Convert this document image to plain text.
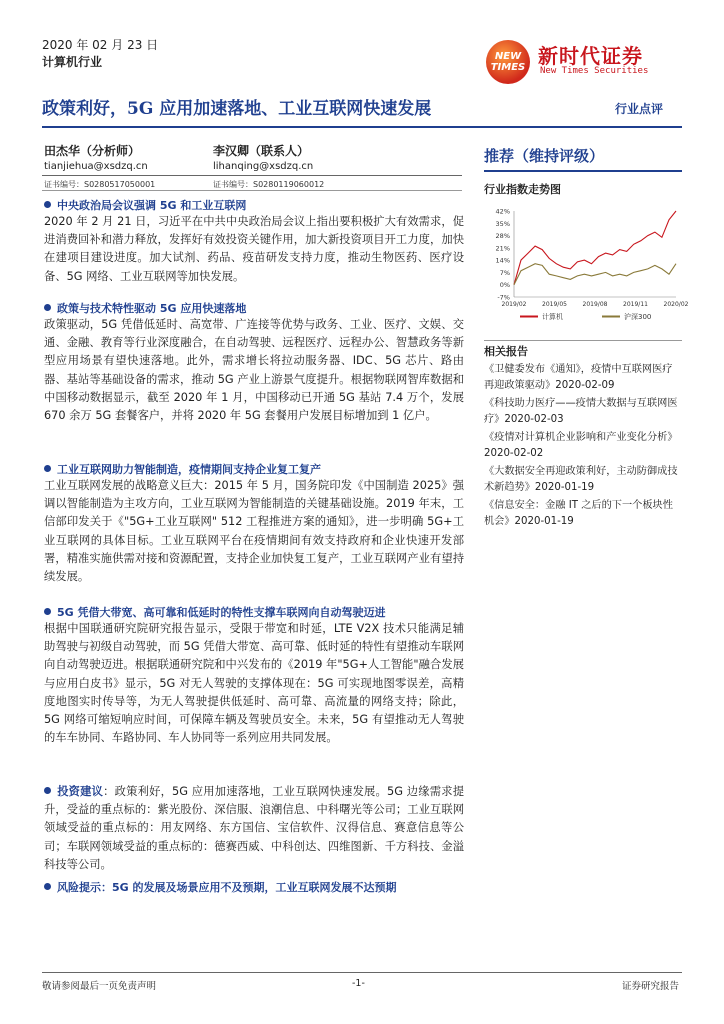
2020 年 02 月 23 日
计算机行业	NEW
TIMES 新时代证券
New Times Securities
政策利好，5G 应用加速落地、工业互联网快速发展	行业点评
田杰华（分析师）
tianjiehua@xsdzq.cn
证书编号：S0280517050001
李汉卿（联系人）
lihanqing@xsdzq.cn
证书编号：S0280119060012
中央政治局会议强调 5G 和工业互联网
2020 年 2 月 21 日，习近平在中共中央政治局会议上指出要积极扩大有效需求，促进消费回补和潜力释放，发挥好有效投资关键作用，加大新投资项目开工力度，加快在建项目建设进度。加大试剂、药品、疫苗研发支持力度，推动生物医药、医疗设备、5G 网络、工业互联网等加快发展。
政策与技术特性驱动 5G 应用快速落地
政策驱动，5G 凭借低延时、高宽带、广连接等优势与政务、工业、医疗、文娱、交通、金融、教育等行业深度融合，在自动驾驶、远程医疗、远程办公、智慧政务等新型应用场景有望快速落地。此外，需求增长将拉动服务器、IDC、5G 芯片、路由器、基站等基础设备的需求，推动 5G 产业上游景气度提升。根据物联网智库数据和中国移动数据显示，截至 2020 年 1 月，中国移动已开通 5G 基站 7.4 万个，发展 670 余万 5G 套餐客户，并将 2020 年 5G 套餐用户发展目标增加到 1 亿户。
工业互联网助力智能制造，疫情期间支持企业复工复产
工业互联网发展的战略意义巨大：2015 年 5 月，国务院印发《中国制造 2025》强调以智能制造为主攻方向，工业互联网为智能制造的关键基础设施。2019 年末，工信部印发关于《"5G+工业互联网" 512 工程推进方案的通知》，进一步明确 5G+工业互联网的具体目标。工业互联网平台在疫情期间有效支持政府和企业快速开发部署，精准实施供需对接和资源配置，支持企业加快复工复产，工业互联网产业有望持续发展。
5G 凭借大带宽、高可靠和低延时的特性支撑车联网向自动驾驶迈进
根据中国联通研究院研究报告显示，受限于带宽和时延，LTE V2X 技术只能满足辅助驾驶与初级自动驾驶，而 5G 凭借大带宽、高可靠、低时延的特性有望推动车联网向自动驾驶迈进。根据联通研究院和中兴发布的《2019 年"5G+人工智能"融合发展与应用白皮书》显示，5G 对无人驾驶的支撑体现在：5G 可实现地图零误差，高精度地图实时传导等，为无人驾驶提供低延时、高可靠、高流量的网络支持；除此，5G 网络可缩短响应时间，可保障车辆及驾驶员安全。未来，5G 有望推动无人驾驶的车车协同、车路协同、车人协同等一系列应用共同发展。
投资建议：政策利好，5G 应用加速落地，工业互联网快速发展。5G 边缘需求提升，受益的重点标的：紫光股份、深信服、浪潮信息、中科曙光等公司；工业互联网领域受益的重点标的：用友网络、东方国信、宝信软件、汉得信息、赛意信息等公司；车联网领域受益的重点标的：德赛西威、中科创达、四维图新、千方科技、金溢科技等公司。
风险提示：5G 的发展及场景应用不及预期，工业互联网发展不达预期
推荐（维持评级）
行业指数走势图
42%
35%
28%
21%
14%
7%
0%
-7%
2019/02	2019/05	2019/08	2019/11	2020/02
计算机	沪深300
相关报告
《卫健委发布《通知》，疫情中互联网医疗再迎政策驱动》2020-02-09
《科技助力医疗——疫情大数据与互联网医疗》2020-02-03
《疫情对计算机企业影响和产业变化分析》2020-02-02
《大数据安全再迎政策利好，主动防御成技术新趋势》2020-01-19
《信息安全：金融 IT 之后的下一个板块性机会》2020-01-19
敬请参阅最后一页免责声明	-1-	证券研究报告
